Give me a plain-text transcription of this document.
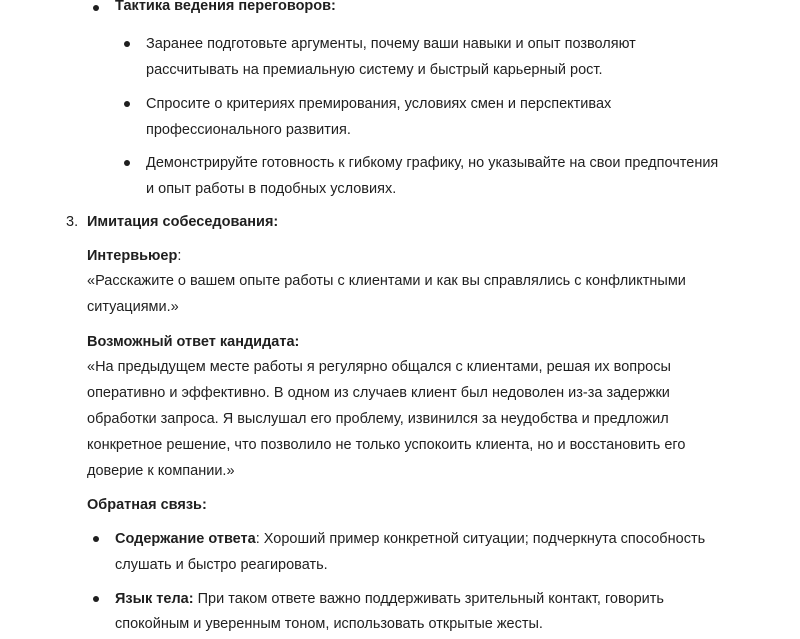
Тактика ведения переговоров:
Заранее подготовьте аргументы, почему ваши навыки и опыт позволяют
рассчитывать на премиальную систему и быстрый карьерный рост.
Спросите о критериях премирования, условиях смен и перспективах
профессионального развития.
Демонстрируйте готовность к гибкому графику, но указывайте на свои предпочтения
и опыт работы в подобных условиях.
3. Имитация собеседования:
Интервьюер:
«Расскажите о вашем опыте работы с клиентами и как вы справлялись с конфликтными
ситуациями.»
Возможный ответ кандидата:
«На предыдущем месте работы я регулярно общался с клиентами, решая их вопросы
оперативно и эффективно. В одном из случаев клиент был недоволен из-за задержки
обработки запроса. Я выслушал его проблему, извинился за неудобства и предложил
конкретное решение, что позволило не только успокоить клиента, но и восстановить его
доверие к компании.»
Обратная связь:
Содержание ответа: Хороший пример конкретной ситуации; подчеркнута способность
слушать и быстро реагировать.
Язык тела: При таком ответе важно поддерживать зрительный контакт, говорить
спокойным и уверенным тоном, использовать открытые жесты.
